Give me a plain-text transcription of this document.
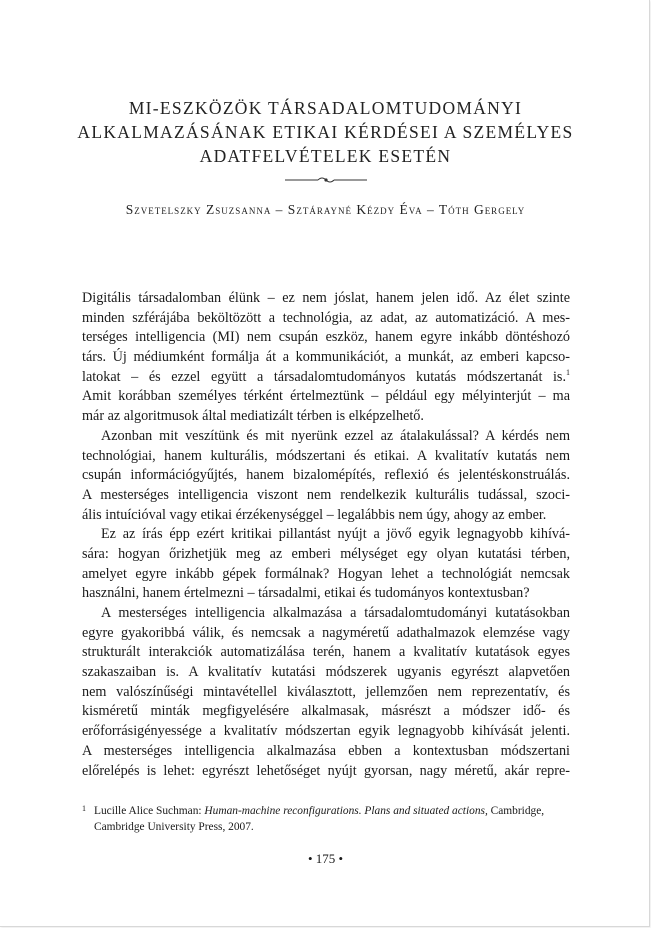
MI-ESZKÖZÖK TÁRSADALOMTUDOMÁNYI
ALKALMAZÁSÁNAK ETIKAI KÉRDÉSEI A SZEMÉLYES
ADATFELVÉTELEK ESETÉN
Szvetelszky Zsuzsanna – Sztárayné Kézdy Éva – Tóth Gergely
Digitális társadalomban élünk – ez nem jóslat, hanem jelen idő. Az élet szinte
minden szférájába beköltözött a technológia, az adat, az automatizáció. A mes-
terséges intelligencia (MI) nem csupán eszköz, hanem egyre inkább döntéshozó
társ. Új médiumként formálja át a kommunikációt, a munkát, az emberi kapcso-
latokat – és ezzel együtt a társadalomtudományos kutatás módszertanát is.$^1$
Amit korábban személyes térként értelmeztünk – például egy mélyinterjút – ma
már az algoritmusok által mediatizált térben is elképzelhető.
Azonban mit veszítünk és mit nyerünk ezzel az átalakulással? A kérdés nem
technológiai, hanem kulturális, módszertani és etikai. A kvalitatív kutatás nem
csupán információgyűjtés, hanem bizalomépítés, reflexió és jelentéskonstruálás.
A mesterséges intelligencia viszont nem rendelkezik kulturális tudással, szoci-
ális intuícióval vagy etikai érzékenységgel – legalábbis nem úgy, ahogy az ember.
Ez az írás épp ezért kritikai pillantást nyújt a jövő egyik legnagyobb kihívá-
sára: hogyan őrizhetjük meg az emberi mélységet egy olyan kutatási térben,
amelyet egyre inkább gépek formálnak? Hogyan lehet a technológiát nemcsak
használni, hanem értelmezni – társadalmi, etikai és tudományos kontextusban?
A mesterséges intelligencia alkalmazása a társadalomtudományi kutatásokban
egyre gyakoribbá válik, és nemcsak a nagyméretű adathalmazok elemzése vagy
strukturált interakciók automatizálása terén, hanem a kvalitatív kutatások egyes
szakaszaiban is. A kvalitatív kutatási módszerek ugyanis egyrészt alapvetően
nem valószínűségi mintavétellel kiválasztott, jellemzően nem reprezentatív, és
kisméretű minták megfigyelésére alkalmasak, másrészt a módszer idő- és
erőforrásigényessége a kvalitatív módszertan egyik legnagyobb kihívását jelenti.
A mesterséges intelligencia alkalmazása ebben a kontextusban módszertani
előrelépés is lehet: egyrészt lehetőséget nyújt gyorsan, nagy méretű, akár repre-
1 Lucille Alice Suchman: Human-machine reconfigurations. Plans and situated actions, Cambridge,
Cambridge University Press, 2007.
• 175 •
